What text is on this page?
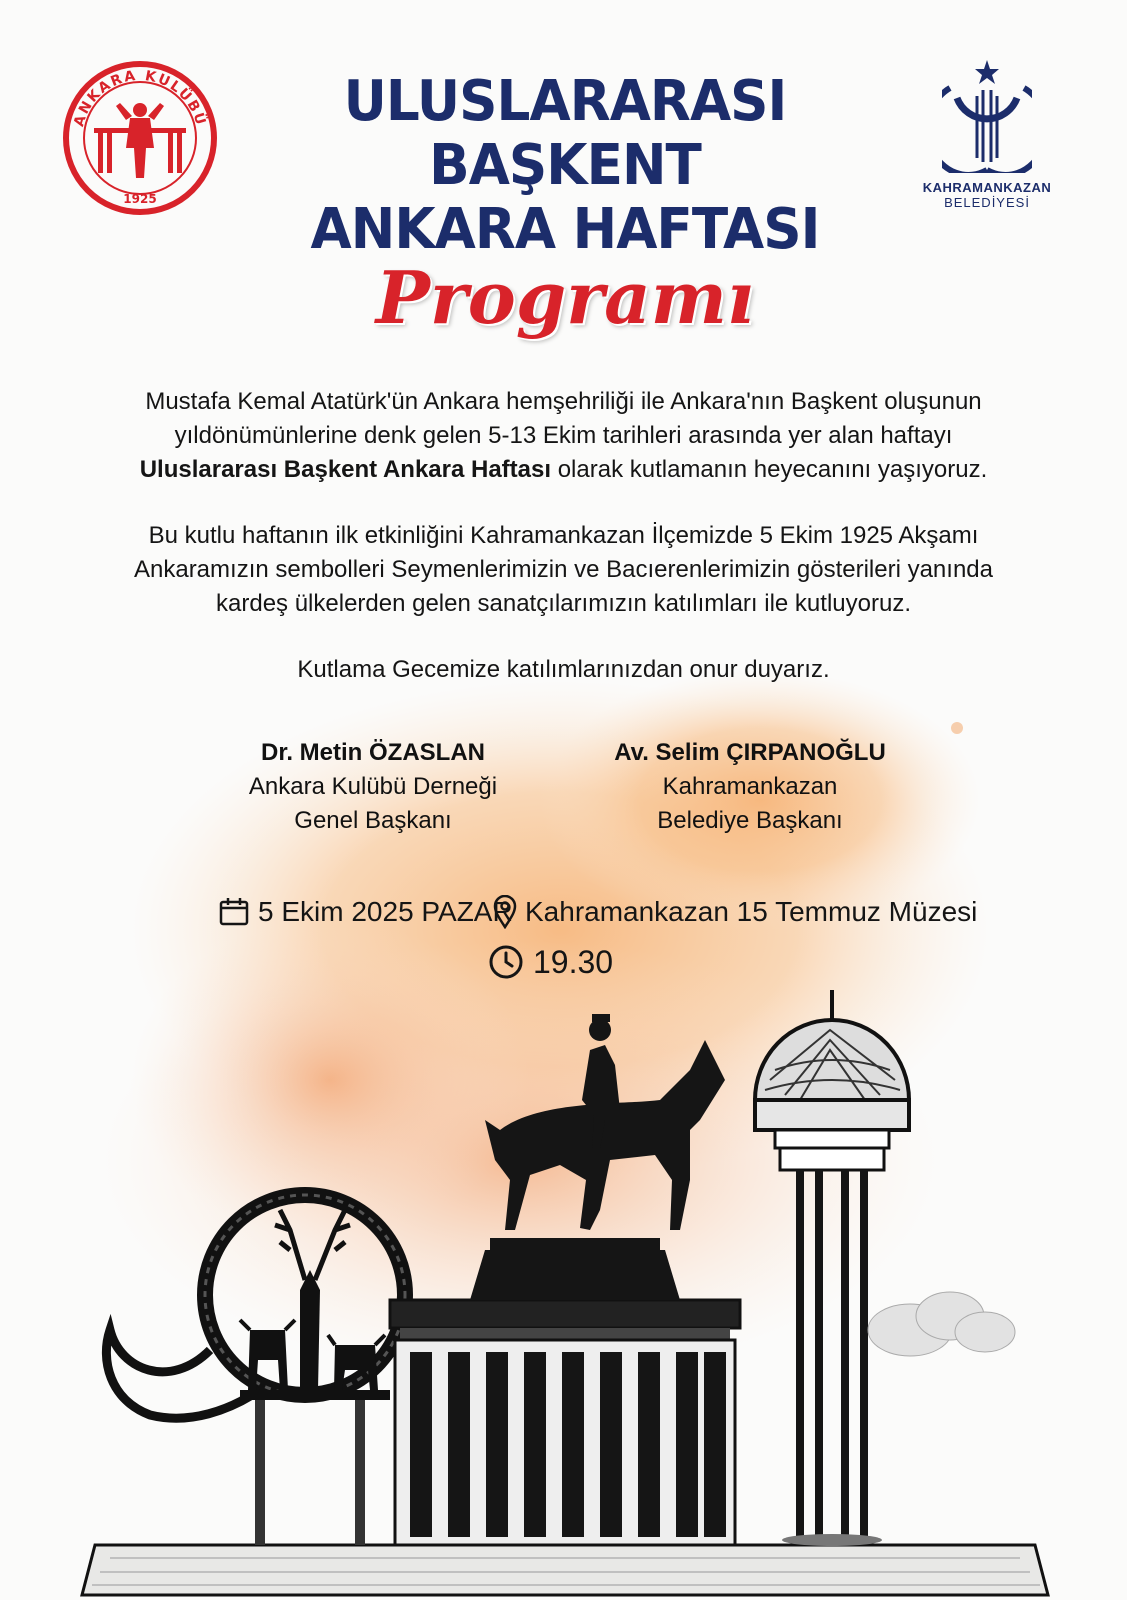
ANKARA KULÜBÜ
1925
KAHRAMANKAZAN
BELEDİYESİ
ULUSLARARASI
BAŞKENT
ANKARA HAFTASI
Programı

Mustafa Kemal Atatürk'ün Ankara hemşehriliği ile Ankara'nın Başkent oluşunun
yıldönümünlerine denk gelen 5-13 Ekim tarihleri arasında yer alan haftayı
Uluslararası Başkent Ankara Haftası olarak kutlamanın heyecanını yaşıyoruz.

Bu kutlu haftanın ilk etkinliğini Kahramankazan İlçemizde 5 Ekim 1925 Akşamı
Ankaramızın sembolleri Seymenlerimizin ve Bacıerenlerimizin gösterileri yanında
kardeş ülkelerden gelen sanatçılarımızın katılımları ile kutluyoruz.

Kutlama Gecemize katılımlarınızdan onur duyarız.

Dr. Metin ÖZASLAN
Ankara Kulübü Derneği
Genel Başkanı
Av. Selim ÇIRPANOĞLU
Kahramankazan
Belediye Başkanı
5 Ekim 2025 PAZAR Kahramankazan 15 Temmuz Müzesi
19.30
